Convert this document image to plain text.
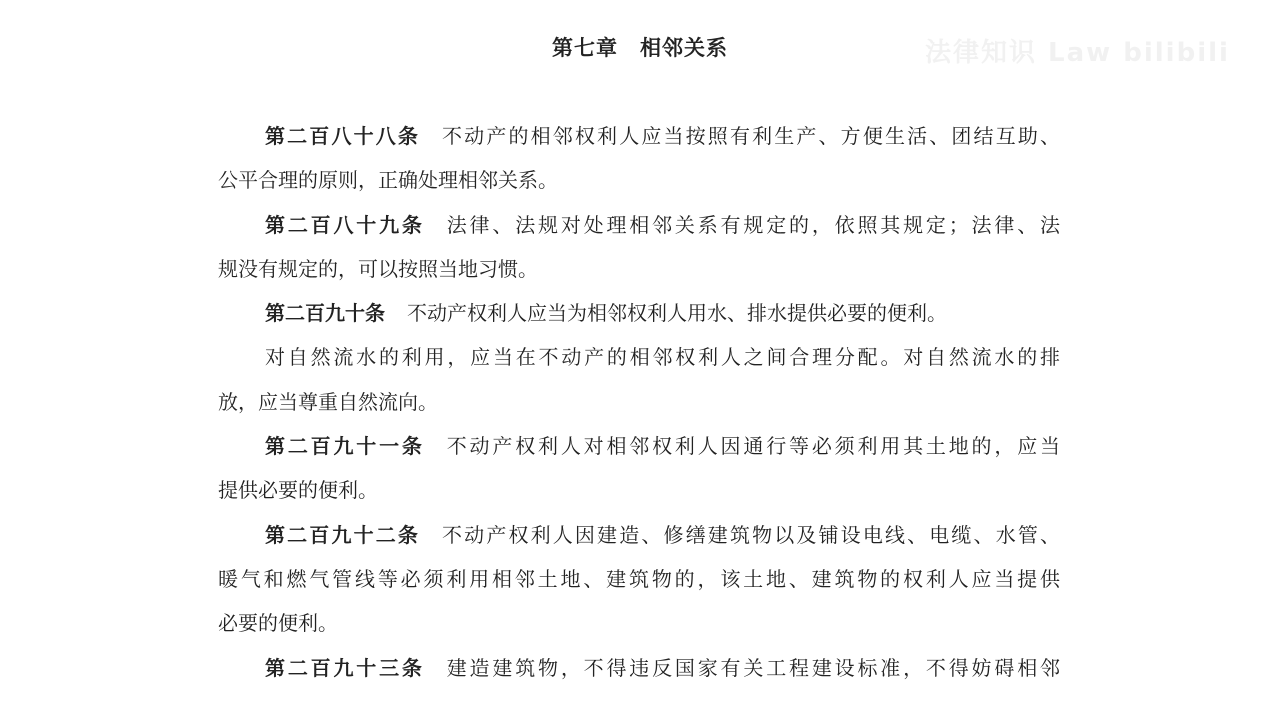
法律知识 Law bilibili
第七章 相邻关系
第二百八十八条 不动产的相邻权利人应当按照有利生产、方便生活、团结互助、
公平合理的原则，正确处理相邻关系。
第二百八十九条 法律、法规对处理相邻关系有规定的，依照其规定；法律、法
规没有规定的，可以按照当地习惯。
第二百九十条 不动产权利人应当为相邻权利人用水、排水提供必要的便利。
对自然流水的利用，应当在不动产的相邻权利人之间合理分配。对自然流水的排
放，应当尊重自然流向。
第二百九十一条 不动产权利人对相邻权利人因通行等必须利用其土地的，应当
提供必要的便利。
第二百九十二条 不动产权利人因建造、修缮建筑物以及铺设电线、电缆、水管、
暖气和燃气管线等必须利用相邻土地、建筑物的，该土地、建筑物的权利人应当提供
必要的便利。
第二百九十三条 建造建筑物，不得违反国家有关工程建设标准，不得妨碍相邻
